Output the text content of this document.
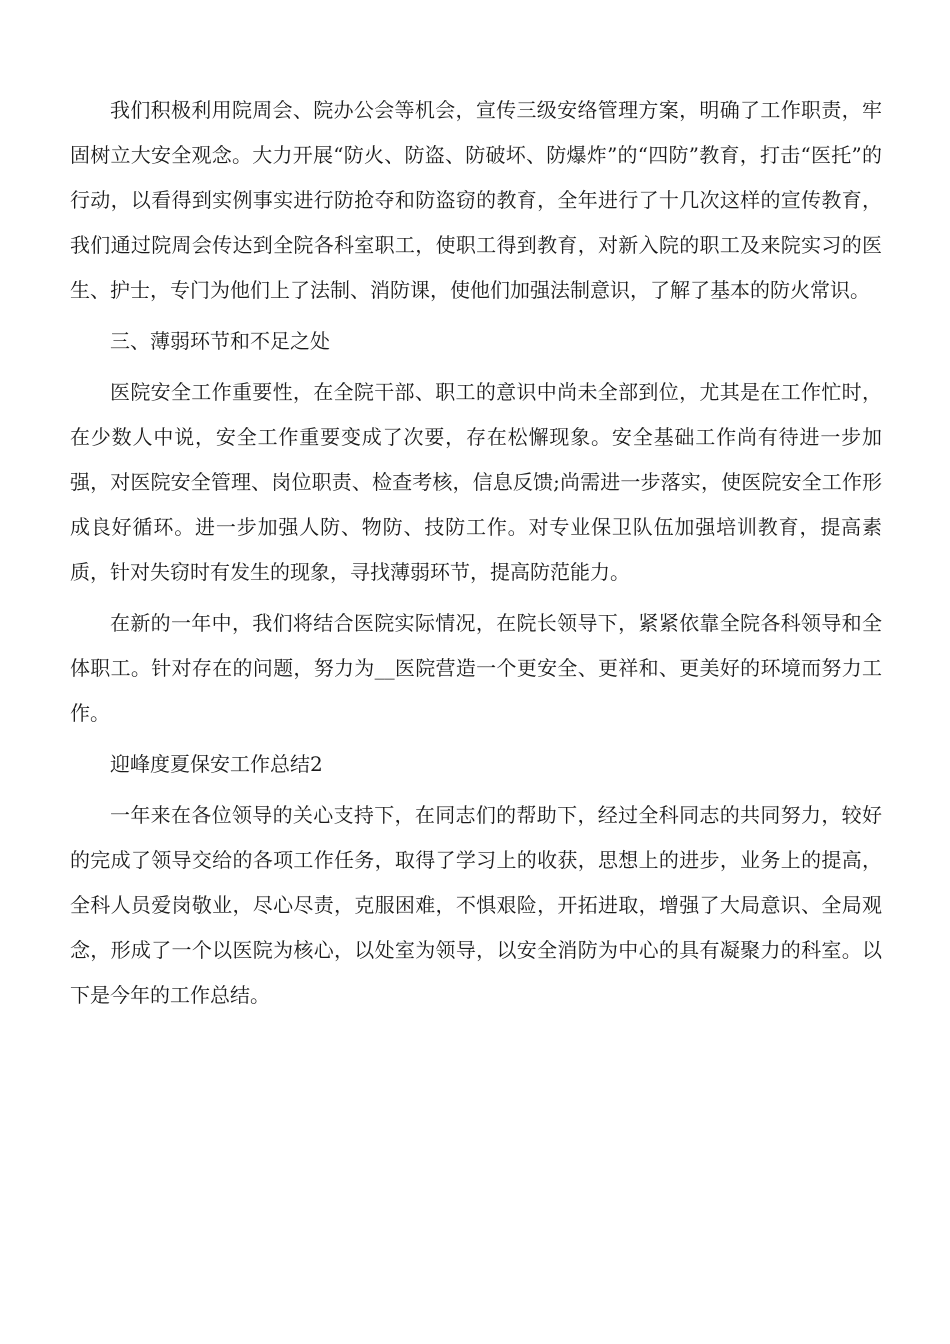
我们积极利用院周会、院办公会等机会，宣传三级安络管理方案，明确了工作职责，牢固树立大安全观念。大力开展“防火、防盗、防破坏、防爆炸”的“四防”教育，打击“医托”的行动，以看得到实例事实进行防抢夺和防盗窃的教育，全年进行了十几次这样的宣传教育，我们通过院周会传达到全院各科室职工，使职工得到教育，对新入院的职工及来院实习的医生、护士，专门为他们上了法制、消防课，使他们加强法制意识，了解了基本的防火常识。

三、薄弱环节和不足之处

医院安全工作重要性，在全院干部、职工的意识中尚未全部到位，尤其是在工作忙时，在少数人中说，安全工作重要变成了次要，存在松懈现象。安全基础工作尚有待进一步加强，对医院安全管理、岗位职责、检查考核，信息反馈;尚需进一步落实，使医院安全工作形成良好循环。进一步加强人防、物防、技防工作。对专业保卫队伍加强培训教育，提高素质，针对失窃时有发生的现象，寻找薄弱环节，提高防范能力。

在新的一年中，我们将结合医院实际情况，在院长领导下，紧紧依靠全院各科领导和全体职工。针对存在的问题，努力为__医院营造一个更安全、更祥和、更美好的环境而努力工作。

迎峰度夏保安工作总结2

一年来在各位领导的关心支持下，在同志们的帮助下，经过全科同志的共同努力，较好的完成了领导交给的各项工作任务，取得了学习上的收获，思想上的进步，业务上的提高，全科人员爱岗敬业，尽心尽责，克服困难，不惧艰险，开拓进取，增强了大局意识、全局观念，形成了一个以医院为核心，以处室为领导，以安全消防为中心的具有凝聚力的科室。以下是今年的工作总结。
